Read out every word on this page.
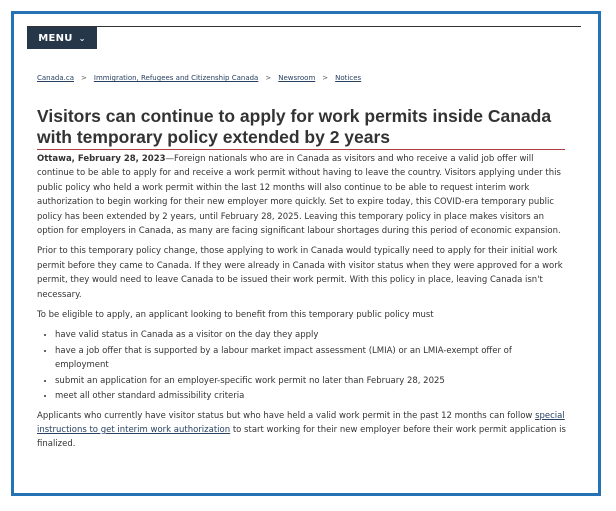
MENU ⌄
Canada.ca > Immigration, Refugees and Citizenship Canada > Newsroom > Notices
Visitors can continue to apply for work permits inside Canada with temporary policy extended by 2 years

Ottawa, February 28, 2023—Foreign nationals who are in Canada as visitors and who receive a valid job offer will continue to be able to apply for and receive a work permit without having to leave the country. Visitors applying under this public policy who held a work permit within the last 12 months will also continue to be able to request interim work authorization to begin working for their new employer more quickly. Set to expire today, this COVID-era temporary public policy has been extended by 2 years, until February 28, 2025. Leaving this temporary policy in place makes visitors an option for employers in Canada, as many are facing significant labour shortages during this period of economic expansion.

Prior to this temporary policy change, those applying to work in Canada would typically need to apply for their initial work permit before they came to Canada. If they were already in Canada with visitor status when they were approved for a work permit, they would need to leave Canada to be issued their work permit. With this policy in place, leaving Canada isn't necessary.

To be eligible to apply, an applicant looking to benefit from this temporary public policy must

• have valid status in Canada as a visitor on the day they apply
• have a job offer that is supported by a labour market impact assessment (LMIA) or an LMIA-exempt offer of employment
• submit an application for an employer-specific work permit no later than February 28, 2025
• meet all other standard admissibility criteria

Applicants who currently have visitor status but who have held a valid work permit in the past 12 months can follow special instructions to get interim work authorization to start working for their new employer before their work permit application is finalized.
